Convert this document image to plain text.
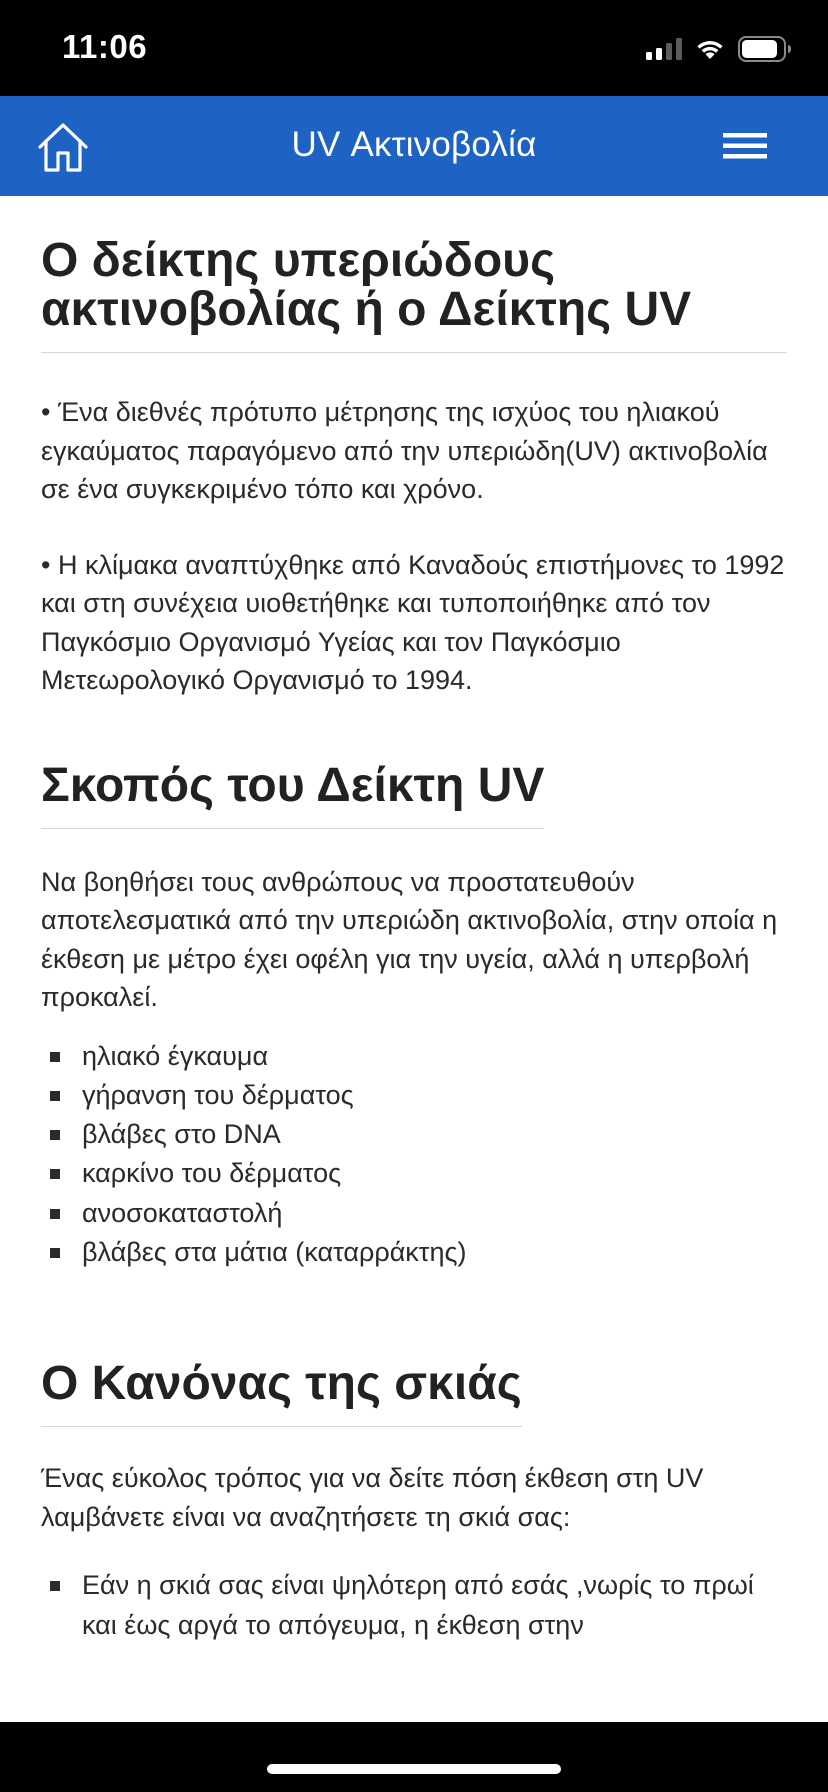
11:06
UV Ακτινοβολία
Ο δείκτης υπεριώδους ακτινοβολίας ή ο Δείκτης UV

• Ένα διεθνές πρότυπο μέτρησης της ισχύος του ηλιακού εγκαύματος παραγόμενο από την υπεριώδη(UV) ακτινοβολία σε ένα συγκεκριμένο τόπο και χρόνο.

• Η κλίμακα αναπτύχθηκε από Καναδούς επιστήμονες το 1992 και στη συνέχεια υιοθετήθηκε και τυποποιήθηκε από τον Παγκόσμιο Οργανισμό Υγείας και τον Παγκόσμιο Μετεωρολογικό Οργανισμό το 1994.

Σκοπός του Δείκτη UV

Να βοηθήσει τους ανθρώπους να προστατευθούν αποτελεσματικά από την υπεριώδη ακτινοβολία, στην οποία η έκθεση με μέτρο έχει οφέλη για την υγεία, αλλά η υπερβολή προκαλεί.

ηλιακό έγκαυμα
γήρανση του δέρματος
βλάβες στο DNA
καρκίνο του δέρματος
ανοσοκαταστολή
βλάβες στα μάτια (καταρράκτης)
Ο Κανόνας της σκιάς

Ένας εύκολος τρόπος για να δείτε πόση έκθεση στη UV λαμβάνετε είναι να αναζητήσετε τη σκιά σας:

Εάν η σκιά σας είναι ψηλότερη από εσάς ,νωρίς το πρωί και έως αργά το απόγευμα, η έκθεση στην
